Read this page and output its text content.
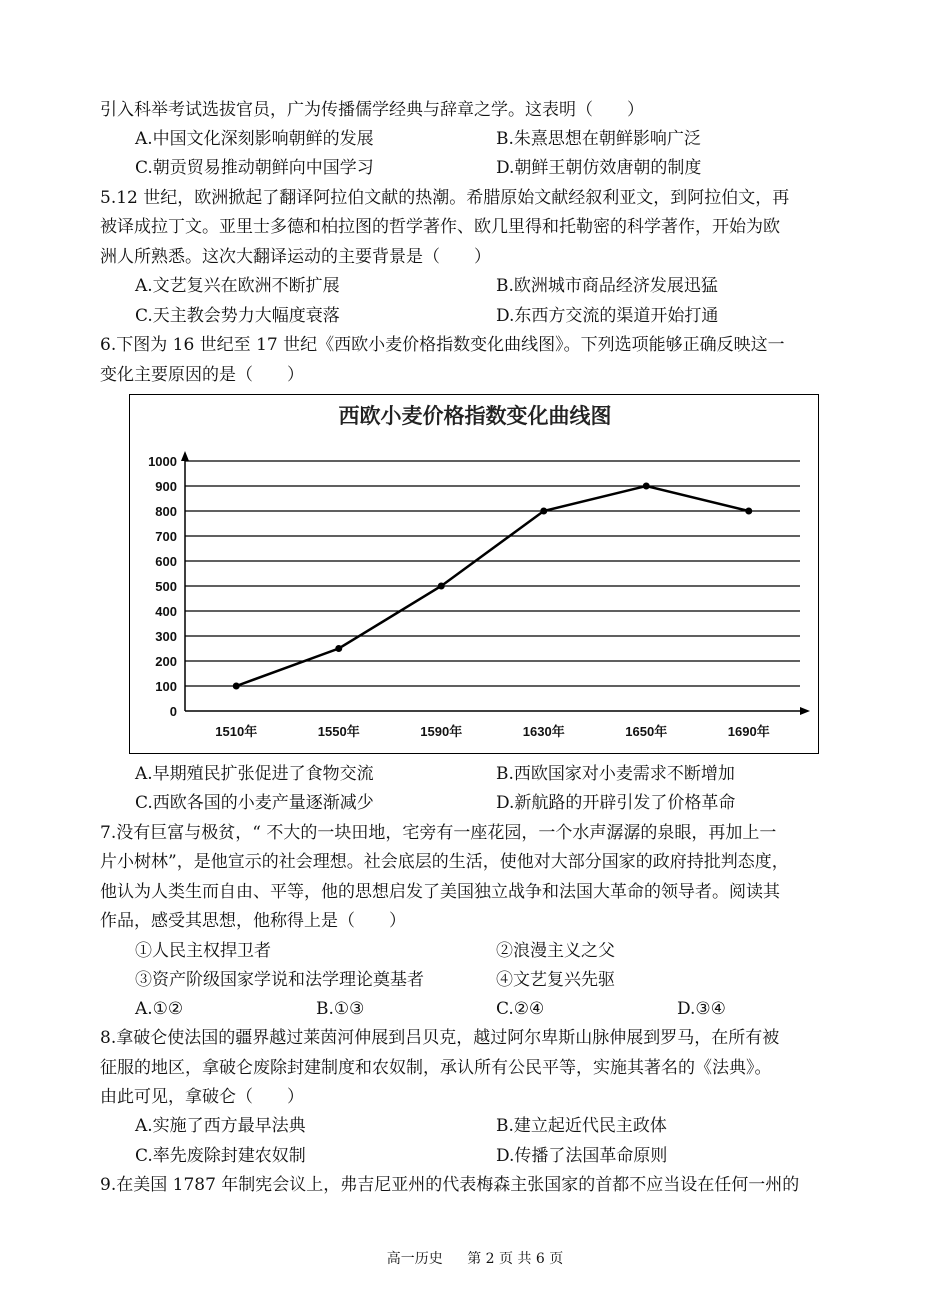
引入科举考试选拔官员，广为传播儒学经典与辞章之学。这表明（　　）
A.中国文化深刻影响朝鲜的发展	B.朱熹思想在朝鲜影响广泛
C.朝贡贸易推动朝鲜向中国学习	D.朝鲜王朝仿效唐朝的制度
5.12 世纪，欧洲掀起了翻译阿拉伯文献的热潮。希腊原始文献经叙利亚文，到阿拉伯文，再
被译成拉丁文。亚里士多德和柏拉图的哲学著作、欧几里得和托勒密的科学著作，开始为欧
洲人所熟悉。这次大翻译运动的主要背景是（　　）
A.文艺复兴在欧洲不断扩展	B.欧洲城市商品经济发展迅猛
C.天主教会势力大幅度衰落	D.东西方交流的渠道开始打通
6.下图为 16 世纪至 17 世纪《西欧小麦价格指数变化曲线图》。下列选项能够正确反映这一
变化主要原因的是（　　）
西欧小麦价格指数变化曲线图
0
100
200
300
400
500
600
700
800
900
1000
1510年	1550年	1590年	1630年	1650年	1690年
A.早期殖民扩张促进了食物交流	B.西欧国家对小麦需求不断增加
C.西欧各国的小麦产量逐渐减少	D.新航路的开辟引发了价格革命
7.没有巨富与极贫，“ 不大的一块田地，宅旁有一座花园，一个水声潺潺的泉眼，再加上一
片小树林”，是他宣示的社会理想。社会底层的生活，使他对大部分国家的政府持批判态度，
他认为人类生而自由、平等，他的思想启发了美国独立战争和法国大革命的领导者。阅读其
作品，感受其思想，他称得上是（　　）
①人民主权捍卫者	②浪漫主义之父
③资产阶级国家学说和法学理论奠基者	④文艺复兴先驱
A.①②	B.①③	C.②④	D.③④
8.拿破仑使法国的疆界越过莱茵河伸展到吕贝克，越过阿尔卑斯山脉伸展到罗马，在所有被
征服的地区，拿破仑废除封建制度和农奴制，承认所有公民平等，实施其著名的《法典》。
由此可见，拿破仑（　　）
A.实施了西方最早法典	B.建立起近代民主政体
C.率先废除封建农奴制	D.传播了法国革命原则
9.在美国 1787 年制宪会议上，弗吉尼亚州的代表梅森主张国家的首都不应当设在任何一州的
高一历史 第 2 页 共 6 页
